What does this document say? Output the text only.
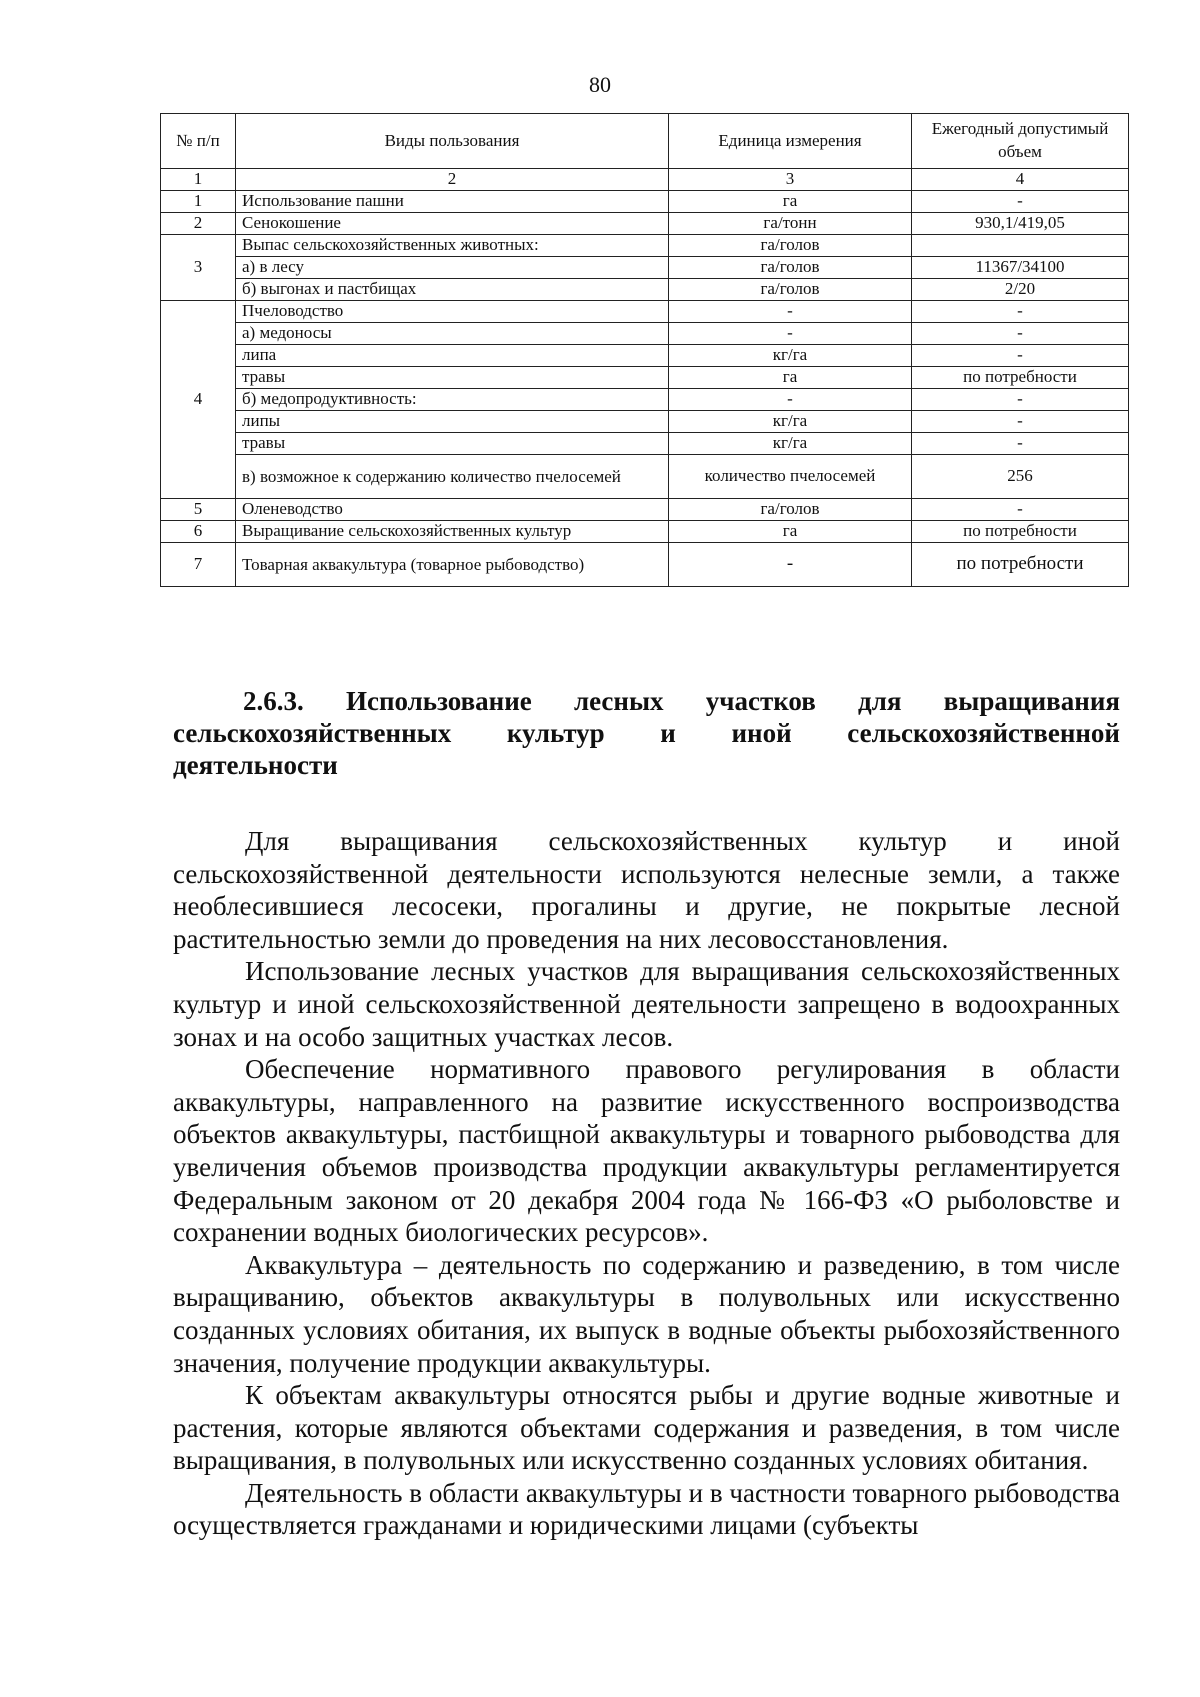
80
№ п/п	Виды пользования	Единица измерения	Ежегодный допустимый объем
1	2	3	4
1	Использование пашни	га	-
2	Сенокошение	га/тонн	930,1/419,05
3	Выпас сельскохозяйственных животных:	га/голов	
	а) в лесу	га/голов	11367/34100
	б) выгонах и пастбищах	га/голов	2/20
4	Пчеловодство	-	-
	а) медоносы	-	-
	липа	кг/га	-
	травы	га	по потребности
	б) медопродуктивность:	-	-
	липы	кг/га	-
	травы	кг/га	-
	в) возможное к содержанию количество пчелосемей	количество пчелосемей	256
5	Оленеводство	га/голов	-
6	Выращивание сельскохозяйственных культур	га	по потребности
7	Товарная аквакультура (товарное рыбоводство)	-	по потребности
2.6.3. Использование лесных участков для выращивания
сельскохозяйственных культур и иной сельскохозяйственной
деятельности

Для выращивания сельскохозяйственных культур и иной сельскохозяйственной деятельности используются нелесные земли, а также необлесившиеся лесосеки, прогалины и другие, не покрытые лесной растительностью земли до проведения на них лесовосстановления.

Использование лесных участков для выращивания сельскохозяйственных культур и иной сельскохозяйственной деятельности запрещено в водоохранных зонах и на особо защитных участках лесов.

Обеспечение нормативного правового регулирования в области аквакультуры, направленного на развитие искусственного воспроизводства объектов аквакультуры, пастбищной аквакультуры и товарного рыбоводства для увеличения объемов производства продукции аквакультуры регламентируется Федеральным законом от 20 декабря 2004 года № 166-ФЗ «О рыболовстве и сохранении водных биологических ресурсов».

Аквакультура – деятельность по содержанию и разведению, в том числе выращиванию, объектов аквакультуры в полувольных или искусственно созданных условиях обитания, их выпуск в водные объекты рыбохозяйственного значения, получение продукции аквакультуры.

К объектам аквакультуры относятся рыбы и другие водные животные и растения, которые являются объектами содержания и разведения, в том числе выращивания, в полувольных или искусственно созданных условиях обитания.

Деятельность в области аквакультуры и в частности товарного рыбоводства осуществляется гражданами и юридическими лицами (субъекты
